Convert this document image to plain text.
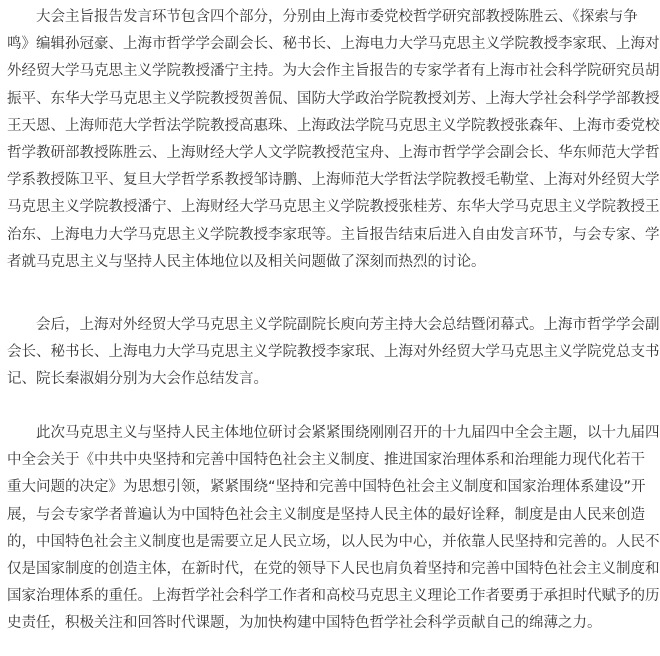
大会主旨报告发言环节包含四个部分，分别由上海市委党校哲学研究部教授陈胜云、《探索与争
鸣》编辑孙冠豪、上海市哲学学会副会长、秘书长、上海电力大学马克思主义学院教授李家珉、上海对
外经贸大学马克思主义学院教授潘宁主持。为大会作主旨报告的专家学者有上海市社会科学院研究员胡
振平、东华大学马克思主义学院教授贺善侃、国防大学政治学院教授刘芳、上海大学社会科学学部教授
王天恩、上海师范大学哲法学院教授高惠珠、上海政法学院马克思主义学院教授张森年、上海市委党校
哲学教研部教授陈胜云、上海财经大学人文学院教授范宝舟、上海市哲学学会副会长、华东师范大学哲
学系教授陈卫平、复旦大学哲学系教授邹诗鹏、上海师范大学哲法学院教授毛勒堂、上海对外经贸大学
马克思主义学院教授潘宁、上海财经大学马克思主义学院教授张桂芳、东华大学马克思主义学院教授王
治东、上海电力大学马克思主义学院教授李家珉等。主旨报告结束后进入自由发言环节，与会专家、学
者就马克思主义与坚持人民主体地位以及相关问题做了深刻而热烈的讨论。
会后，上海对外经贸大学马克思主义学院副院长庾向芳主持大会总结暨闭幕式。上海市哲学学会副
会长、秘书长、上海电力大学马克思主义学院教授李家珉、上海对外经贸大学马克思主义学院党总支书
记、院长秦淑娟分别为大会作总结发言。
此次马克思主义与坚持人民主体地位研讨会紧紧围绕刚刚召开的十九届四中全会主题，以十九届四
中全会关于《中共中央坚持和完善中国特色社会主义制度、推进国家治理体系和治理能力现代化若干
重大问题的决定》为思想引领，紧紧围绕“坚持和完善中国特色社会主义制度和国家治理体系建设”开
展，与会专家学者普遍认为中国特色社会主义制度是坚持人民主体的最好诠释，制度是由人民来创造
的，中国特色社会主义制度也是需要立足人民立场，以人民为中心，并依靠人民坚持和完善的。人民不
仅是国家制度的创造主体，在新时代，在党的领导下人民也肩负着坚持和完善中国特色社会主义制度和
国家治理体系的重任。上海哲学社会科学工作者和高校马克思主义理论工作者要勇于承担时代赋予的历
史责任，积极关注和回答时代课题，为加快构建中国特色哲学社会科学贡献自己的绵薄之力。
